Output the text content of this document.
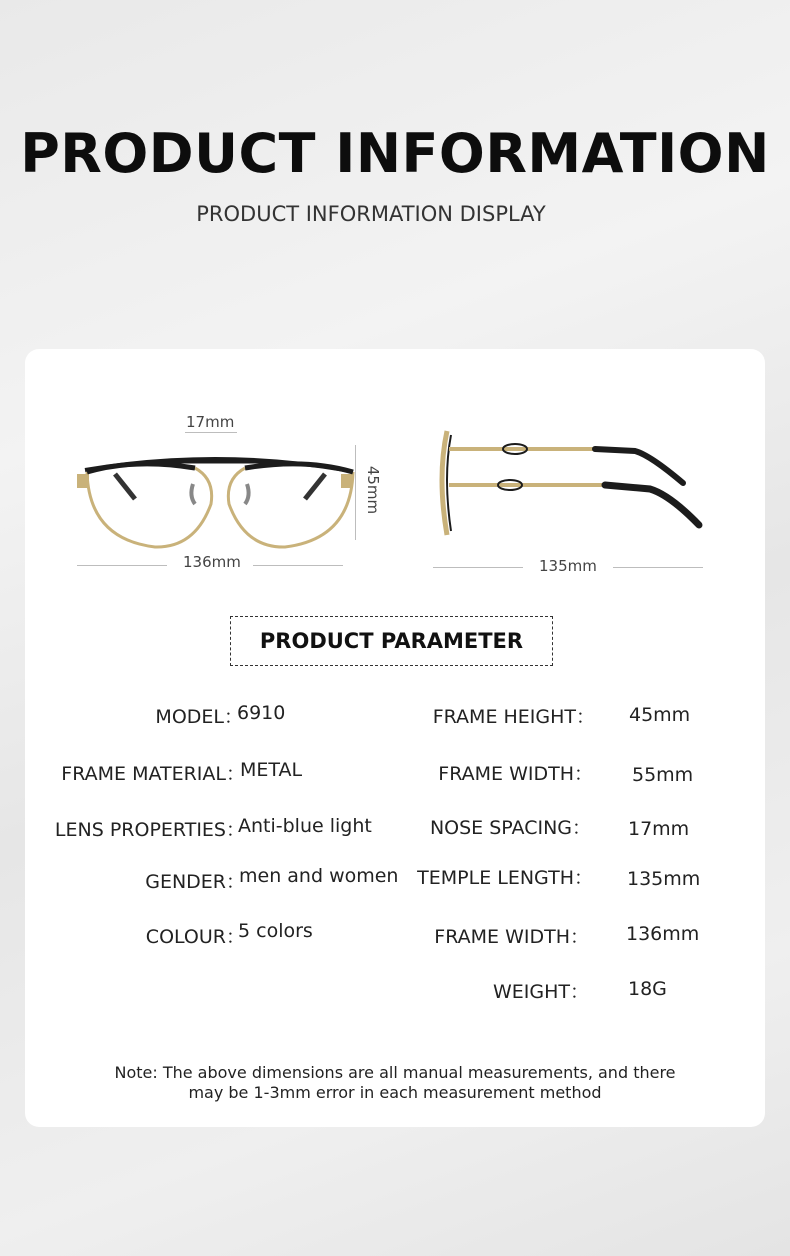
PRODUCT INFORMATION
PRODUCT INFORMATION DISPLAY
17mm
45mm
136mm	135mm
PRODUCT PARAMETER
MODEL：
6910
FRAME MATERIAL：
METAL
LENS PROPERTIES：
Anti-blue light
GENDER：
men and women
COLOUR：
5 colors
FRAME HEIGHT： 45mm
FRAME WIDTH： 55mm
NOSE SPACING： 17mm
TEMPLE LENGTH： 135mm
FRAME WIDTH： 136mm
WEIGHT： 18G
Note: The above dimensions are all manual measurements, and there
may be 1-3mm error in each measurement method
